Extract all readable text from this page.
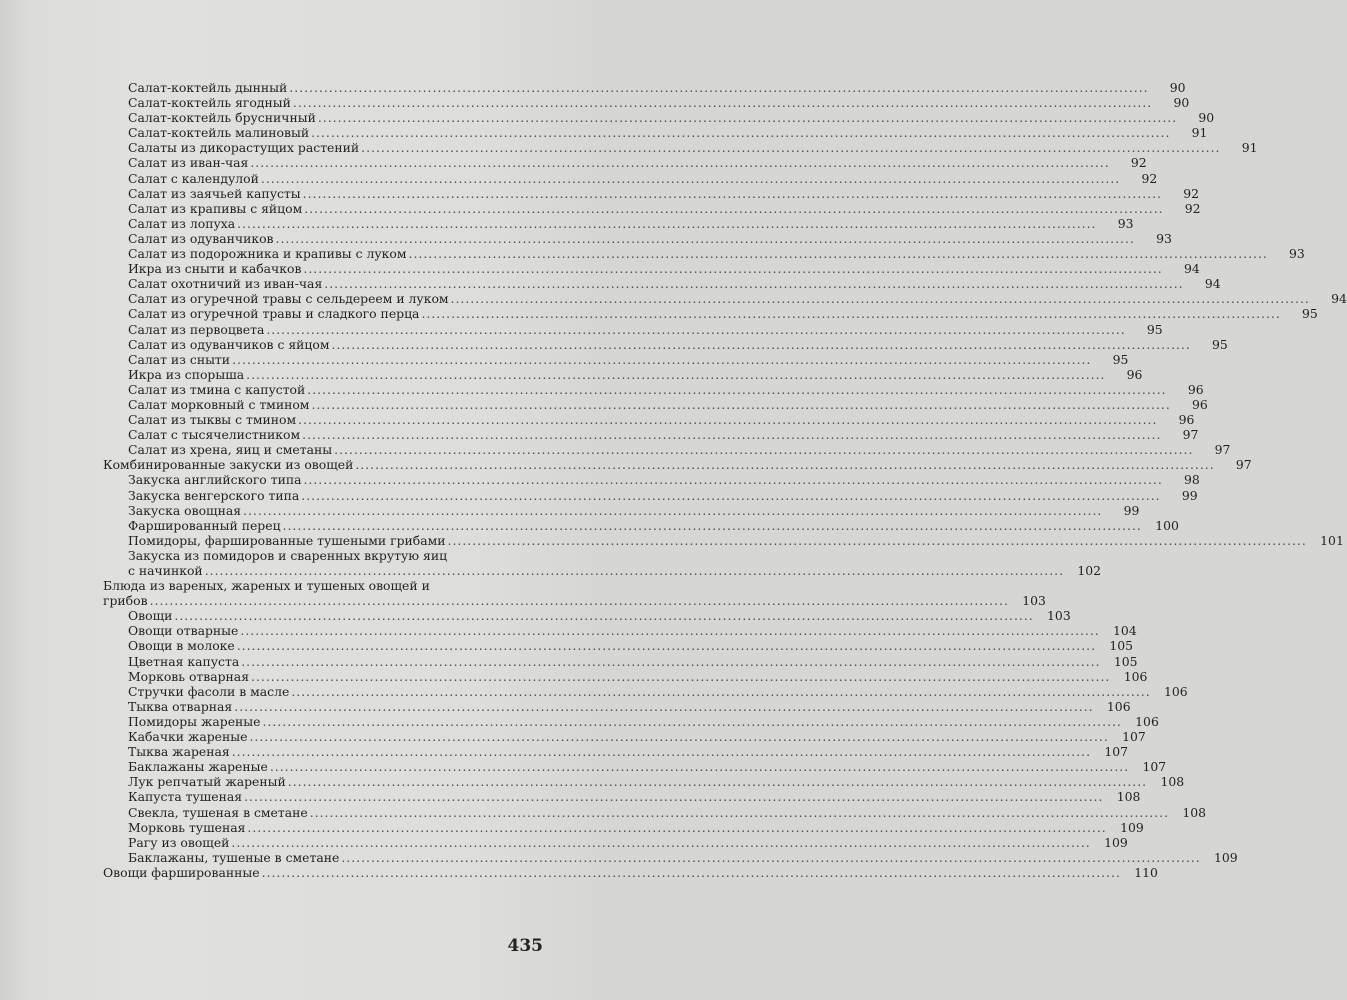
Салат-коктейль дынный .....	90
Салат-коктейль ягодный .....	90
Салат-коктейль брусничный .....	90
Салат-коктейль малиновый .....	91
Салаты из дикорастущих растений .....	91
Салат из иван-чая .....	92
Салат с календулой .....	92
Салат из заячьей капусты .....	92
Салат из крапивы с яйцом .....	92
Салат из лопуха .....	93
Салат из одуванчиков .....	93
Салат из подорожника и крапивы с луком .....	93
Икра из сныти и кабачков .....	94
Салат охотничий из иван-чая .....	94
Салат из огуречной травы с сельдереем и луком .....	94
Салат из огуречной травы и сладкого перца .....	95
Салат из первоцвета .....	95
Салат из одуванчиков с яйцом .....	95
Салат из сныти .....	95
Икра из спорыша .....	96
Салат из тмина с капустой .....	96
Салат морковный с тмином .....	96
Салат из тыквы с тмином .....	96
Салат с тысячелистником .....	97
Салат из хрена, яиц и сметаны .....	97
Комбинированные закуски из овощей .....	97
Закуска английского типа .....	98
Закуска венгерского типа .....	99
Закуска овощная .....	99
Фаршированный перец .....	100
Помидоры, фаршированные тушеными грибами .....	101
Закуска из помидоров и сваренных вкрутую яиц
с начинкой .....	102
Блюда из вареных, жареных и тушеных овощей и
грибов .....	103
Овощи .....	103
Овощи отварные .....	104
Овощи в молоке .....	105
Цветная капуста .....	105
Морковь отварная .....	106
Стручки фасоли в масле .....	106
Тыква отварная .....	106
Помидоры жареные .....	106
Кабачки жареные .....	107
Тыква жареная .....	107
Баклажаны жареные .....	107
Лук репчатый жареный .....	108
Капуста тушеная .....	108
Свекла, тушеная в сметане .....	108
Морковь тушеная .....	109
Рагу из овощей .....	109
Баклажаны, тушеные в сметане .....	109
Овощи фаршированные .....	110
435
